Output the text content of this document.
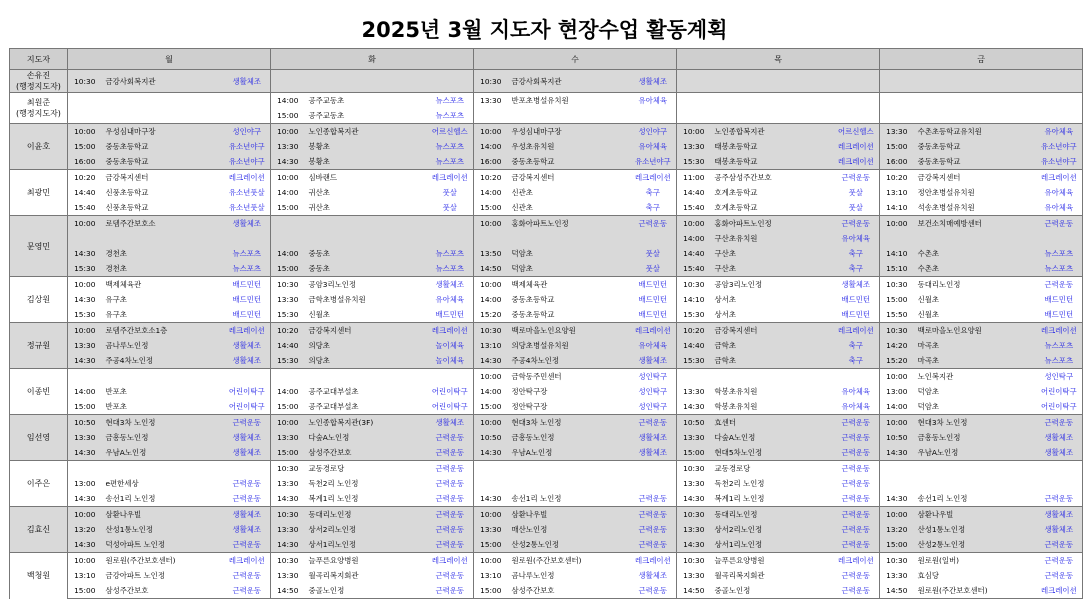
2025년 3월 지도자 현장수업 활동계획
지도자	월			화			수			목			금		
손유진
(행정지도자)	10:30	금강사회복지관	생활체조				10:30	금강사회복지관	생활체조						
최원준
(행정지도자)				14:00	공주교동초	뉴스포츠	13:30	반포초병설유치원	유아체육						
				15:00	공주교동초	뉴스포츠									
이윤호	10:00	우성심내마구장	성인야구	10:00	노인종합복지관	어르신헬스	10:00	우성심내마구장	성인야구	10:00	노인종합복지관	어르신헬스	13:30	수촌초등학교유치원	유아체육
	15:00	중동초등학교	유소년야구	13:30	봉황초	뉴스포츠	14:00	우성초유치원	유아체육	13:30	태봉초등학교	레크레이션	15:00	중동초등학교	유소년야구
	16:00	중동초등학교	유소년야구	14:30	봉황초	뉴스포츠	16:00	중동초등학교	유소년야구	15:30	태봉초등학교	레크레이션	16:00	중동초등학교	유소년야구
최광민	10:20	금강복지센터	레크레이션	10:00	심바랜드	레크레이션	10:20	금강복지센터	레크레이션	11:00	공주삼성주간보호	근력운동	10:20	금강복지센터	레크레이션
	14:40	신풍초등학교	유소년풋살	14:00	귀산초	풋살	14:00	신관초	축구	14:40	호계초등학교	풋살	13:10	정안초병설유치원	유아체육
	15:40	신풍초등학교	유소년풋살	15:00	귀산초	풋살	15:00	신관초	축구	15:40	호계초등학교	풋살	14:10	석송초병설유치원	유아체육
문영민	10:00	로뎀주간보호소	생활체조				10:00	홍화아파트노인정	근력운동	10:00	홍화아파트노인정	근력운동	10:00	보건소치매예방센터	근력운동
										14:00	구산초유치원	유아체육			
	14:30	경천초	뉴스포츠	14:00	중동초	뉴스포츠	13:50	덕암초	풋살	14:40	구산초	축구	14:10	수촌초	뉴스포츠
	15:30	경천초	뉴스포츠	15:00	중동초	뉴스포츠	14:50	덕암초	풋살	15:40	구산초	축구	15:10	수촌초	뉴스포츠
김상원	10:00	백제체육관	배드민턴	10:30	공암3리노인정	생활체조	10:00	백제체육관	배드민턴	10:30	공암3리노인정	생활체조	10:30	동대리노인정	근력운동
	14:30	유구초	배드민턴	13:30	금학초병설유치원	유아체육	14:00	중동초등학교	배드민턴	14:10	상서초	배드민턴	15:00	신월초	배드민턴
	15:30	유구초	배드민턴	15:30	신월초	배드민턴	15:20	중동초등학교	배드민턴	15:30	상서초	배드민턴	15:50	신월초	배드민턴
정규원	10:00	로뎀주간보호소1층	레크레이션	10:20	금강복지센터	레크레이션	10:30	백로마을노인요양원	레크레이션	10:20	금강복지센터	레크레이션	10:30	백로마을노인요양원	레크레이션
	13:30	곰나루노인정	생활체조	14:40	의당초	놀이체육	13:10	의당초병설유치원	유아체육	14:40	금학초	축구	14:20	마곡초	뉴스포츠
	14:30	주공4차노인정	생활체조	15:30	의당초	놀이체육	14:30	주공4차노인정	생활체조	15:30	금학초	축구	15:20	마곡초	뉴스포츠
이종빈							10:00	금학동주민센터	성인탁구				10:00	노인복지관	성인탁구
	14:00	반포초	어린이탁구	14:00	공주교대부설초	어린이탁구	14:00	정안탁구장	성인탁구	13:30	학봉초유치원	유아체육	13:00	덕암초	어린이탁구
	15:00	반포초	어린이탁구	15:00	공주교대부설초	어린이탁구	15:00	정안탁구장	성인탁구	14:30	학봉초유치원	유아체육	14:00	덕암초	어린이탁구
임선영	10:50	현대3차 노인정	근력운동	10:00	노인종합복지관(3F)	생활체조	10:00	현대3차 노인정	근력운동	10:50	효센터	근력운동	10:00	현대3차 노인정	근력운동
	13:30	금흥동노인정	생활체조	13:30	다숲A노인정	근력운동	10:50	금흥동노인정	생활체조	13:30	다숲A노인정	근력운동	10:50	금흥동노인정	생활체조
	14:30	우남A노인정	생활체조	15:00	삼성주간보호	근력운동	14:30	우남A노인정	생활체조	15:00	현대5차노인정	근력운동	14:30	우남A노인정	생활체조
이주은				10:30	교동경로당	근력운동				10:30	교동경로당	근력운동			
	13:00	e편한세상	근력운동	13:30	독천2리 노인정	근력운동				13:30	독천2리 노인정	근력운동			
	14:30	송선1리 노인정	근력운동	14:30	복계1리 노인정	근력운동	14:30	송선1리 노인정	근력운동	14:30	복계1리 노인정	근력운동	14:30	송선1리 노인정	근력운동
김효신	10:00	삼환나우빌	생활체조	10:30	동대리노인정	근력운동	10:00	삼환나우빌	근력운동	10:30	동대리노인정	근력운동	10:00	삼환나우빌	생활체조
	13:20	산성1통노인정	생활체조	13:30	상서2리노인정	근력운동	13:30	매산노인정	근력운동	13:30	상서2리노인정	근력운동	13:20	산성1통노인정	생활체조
	14:30	덕성아파트 노인정	근력운동	14:30	상서1리노인정	근력운동	15:00	산성2통노인정	근력운동	14:30	상서1리노인정	근력운동	15:00	산성2통노인정	근력운동
백청원	10:00	원로원(주간보호센터)	레크레이션	10:30	늘푸른요양병원	레크레이션	10:00	원로원(주간보호센터)	레크레이션	10:30	늘푸른요양병원	레크레이션	10:30	원로원(일버)	근력운동
	13:10	금강아파트 노인정	근력운동	13:30	월곡리복지회관	근력운동	13:10	곰나루노인정	생활체조	13:30	월곡리복지회관	근력운동	13:30	효심당	근력운동
	15:00	삼성주간보호	근력운동	14:50	중골노인정	근력운동	15:00	삼성주간보호	근력운동	14:50	중골노인정	근력운동	14:50	원로원(주간보호센터)	레크레이션
